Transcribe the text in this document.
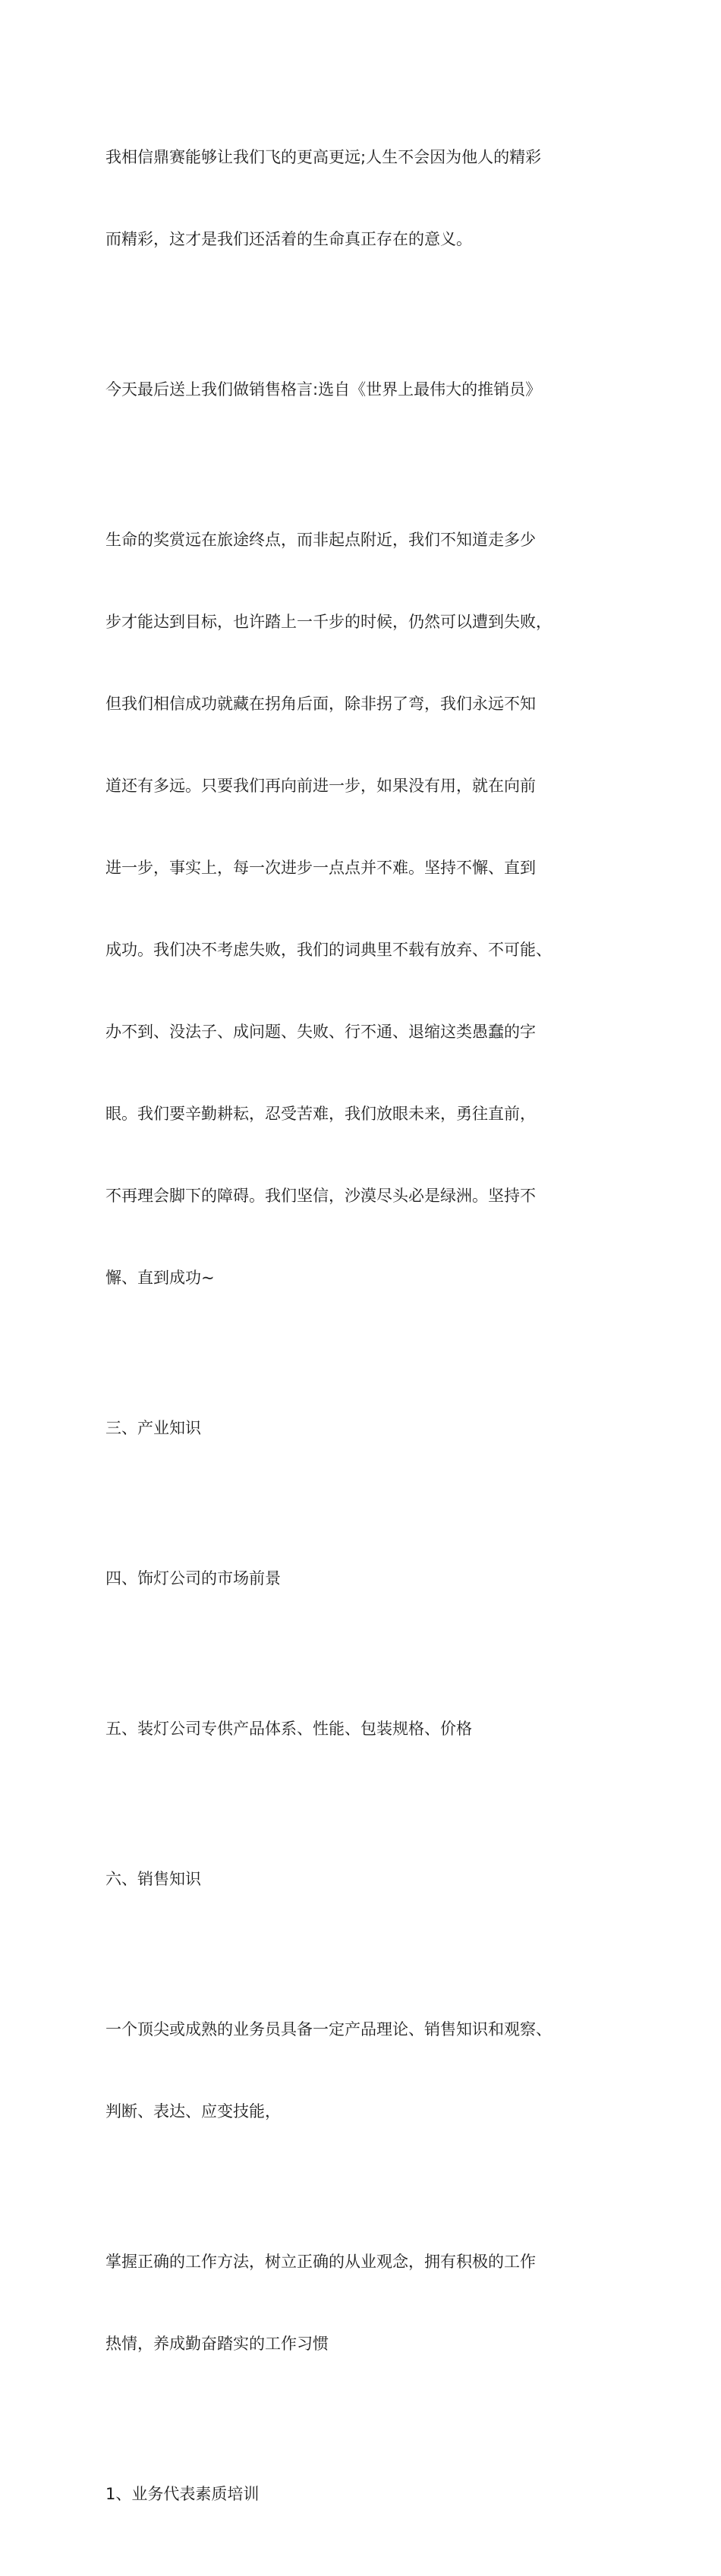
我相信鼎赛能够让我们飞的更高更远;人生不会因为他人的精彩

而精彩，这才是我们还活着的生命真正存在的意义。

今天最后送上我们做销售格言:选自《世界上最伟大的推销员》

生命的奖赏远在旅途终点，而非起点附近，我们不知道走多少

步才能达到目标，也许踏上一千步的时候，仍然可以遭到失败，

但我们相信成功就藏在拐角后面，除非拐了弯，我们永远不知

道还有多远。只要我们再向前进一步，如果没有用，就在向前

进一步，事实上，每一次进步一点点并不难。坚持不懈、直到

成功。我们决不考虑失败，我们的词典里不载有放弃、不可能、

办不到、没法子、成问题、失败、行不通、退缩这类愚蠢的字

眼。我们要辛勤耕耘，忍受苦难，我们放眼未来，勇往直前，

不再理会脚下的障碍。我们坚信，沙漠尽头必是绿洲。坚持不

懈、直到成功~

三、产业知识

四、饰灯公司的市场前景

五、装灯公司专供产品体系、性能、包装规格、价格

六、销售知识

一个顶尖或成熟的业务员具备一定产品理论、销售知识和观察、

判断、表达、应变技能，

掌握正确的工作方法，树立正确的从业观念，拥有积极的工作

热情，养成勤奋踏实的工作习惯

1、业务代表素质培训
